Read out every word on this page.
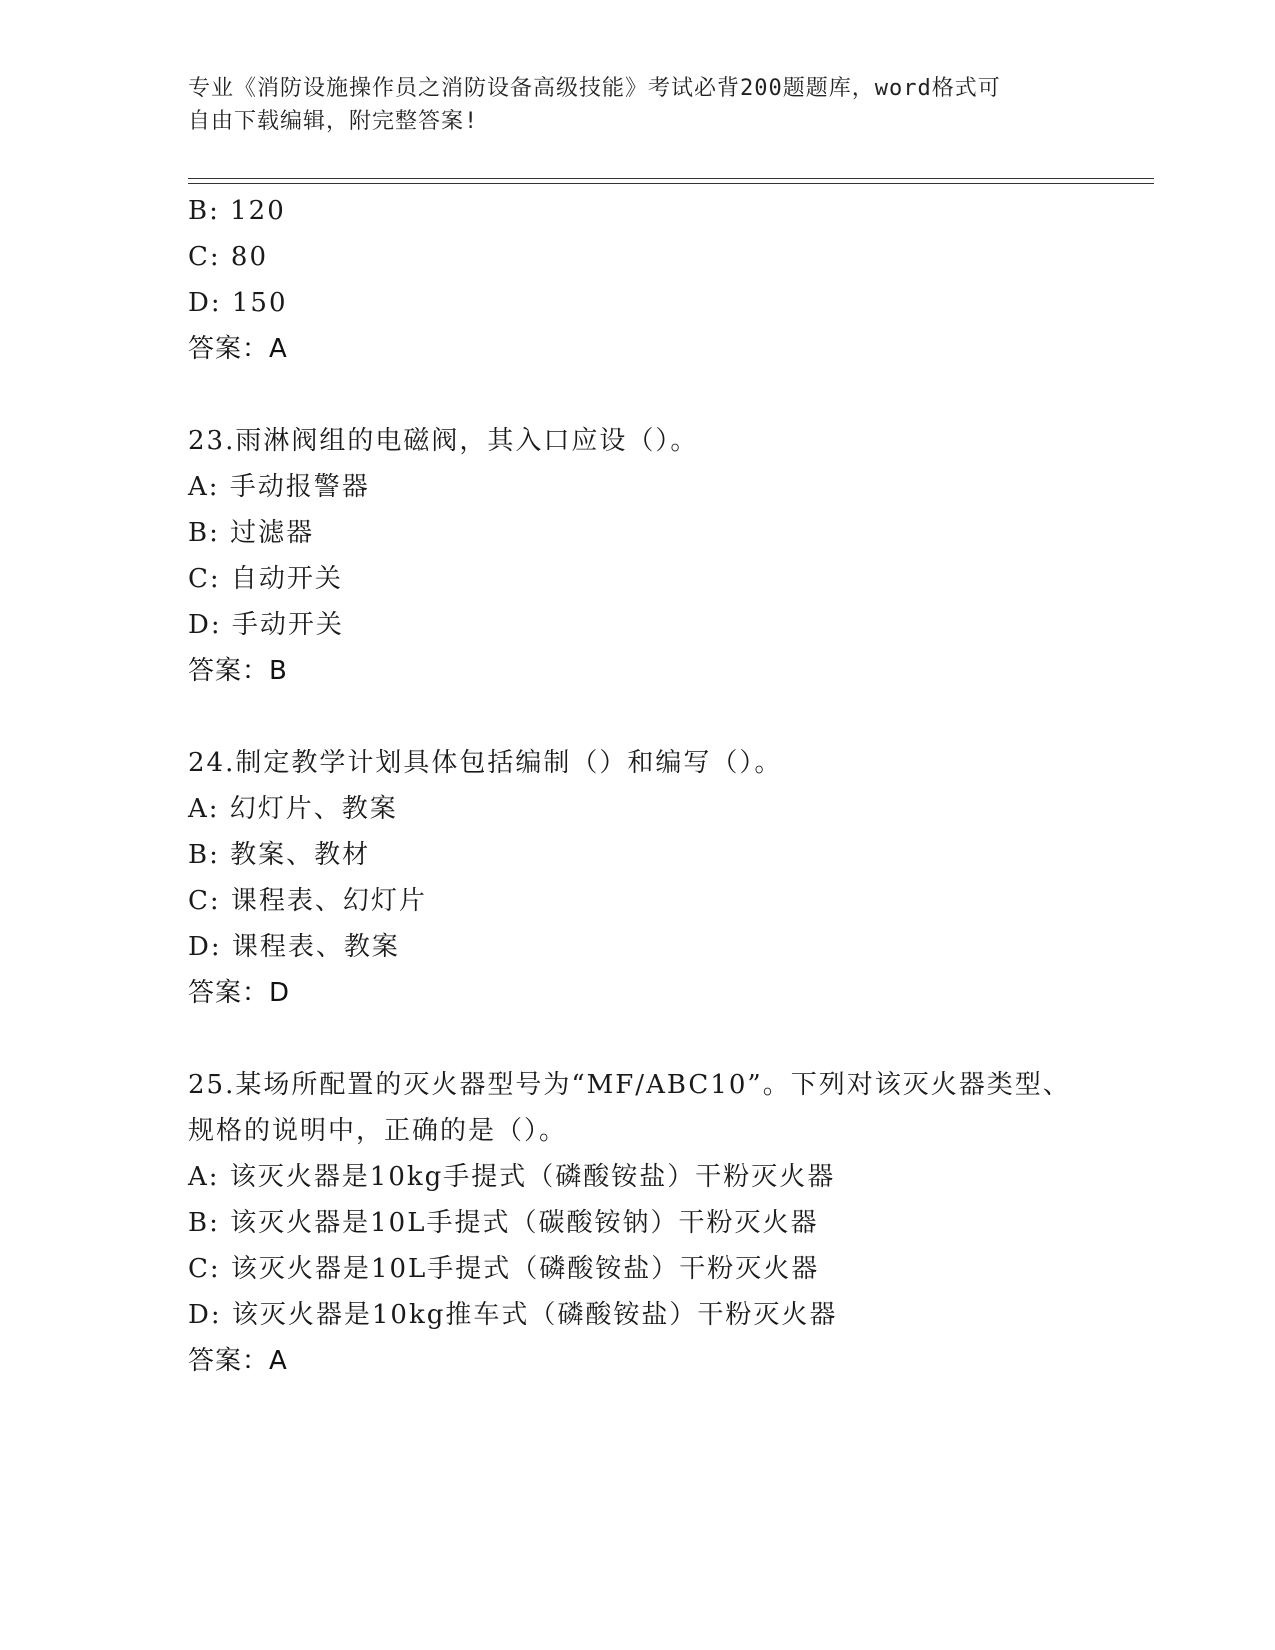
专业《消防设施操作员之消防设备高级技能》考试必背200题题库，word格式可
自由下载编辑，附完整答案!
B: 120
C: 80
D: 150
答案：A
23.雨淋阀组的电磁阀，其入口应设（）。
A: 手动报警器
B: 过滤器
C: 自动开关
D: 手动开关
答案：B
24.制定教学计划具体包括编制（）和编写（）。
A: 幻灯片、教案
B: 教案、教材
C: 课程表、幻灯片
D: 课程表、教案
答案：D
25.某场所配置的灭火器型号为“MF/ABC10”。下列对该灭火器类型、
规格的说明中，正确的是（）。
A: 该灭火器是10kg手提式（磷酸铵盐）干粉灭火器
B: 该灭火器是10L手提式（碳酸铵钠）干粉灭火器
C: 该灭火器是10L手提式（磷酸铵盐）干粉灭火器
D: 该灭火器是10kg推车式（磷酸铵盐）干粉灭火器
答案：A
